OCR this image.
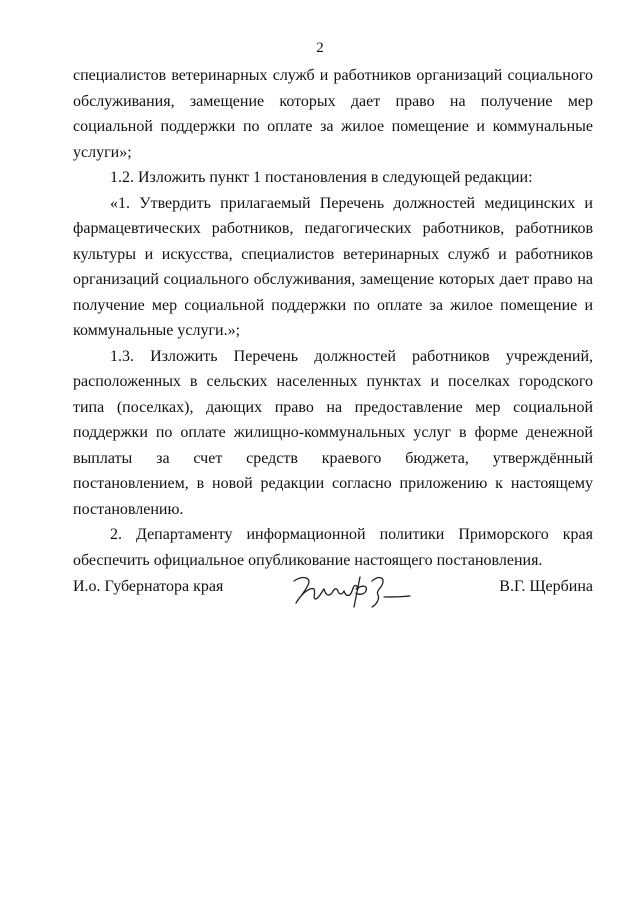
2

специалистов ветеринарных служб и работников организаций социального обслуживания, замещение которых дает право на получение мер социальной поддержки по оплате за жилое помещение и коммунальные услуги»;

1.2. Изложить пункт 1 постановления в следующей редакции:

«1. Утвердить прилагаемый Перечень должностей медицинских и фармацевтических работников, педагогических работников, работников культуры и искусства, специалистов ветеринарных служб и работников организаций социального обслуживания, замещение которых дает право на получение мер социальной поддержки по оплате за жилое помещение и коммунальные услуги.»;

1.3. Изложить Перечень должностей работников учреждений, расположенных в сельских населенных пунктах и поселках городского типа (поселках), дающих право на предоставление мер социальной поддержки по оплате жилищно-коммунальных услуг в форме денежной выплаты за счет средств краевого бюджета, утверждённый постановлением, в новой редакции согласно приложению к настоящему постановлению.

2. Департаменту информационной политики Приморского края обеспечить официальное опубликование настоящего постановления.

И.о. Губернатора края	В.Г. Щербина
